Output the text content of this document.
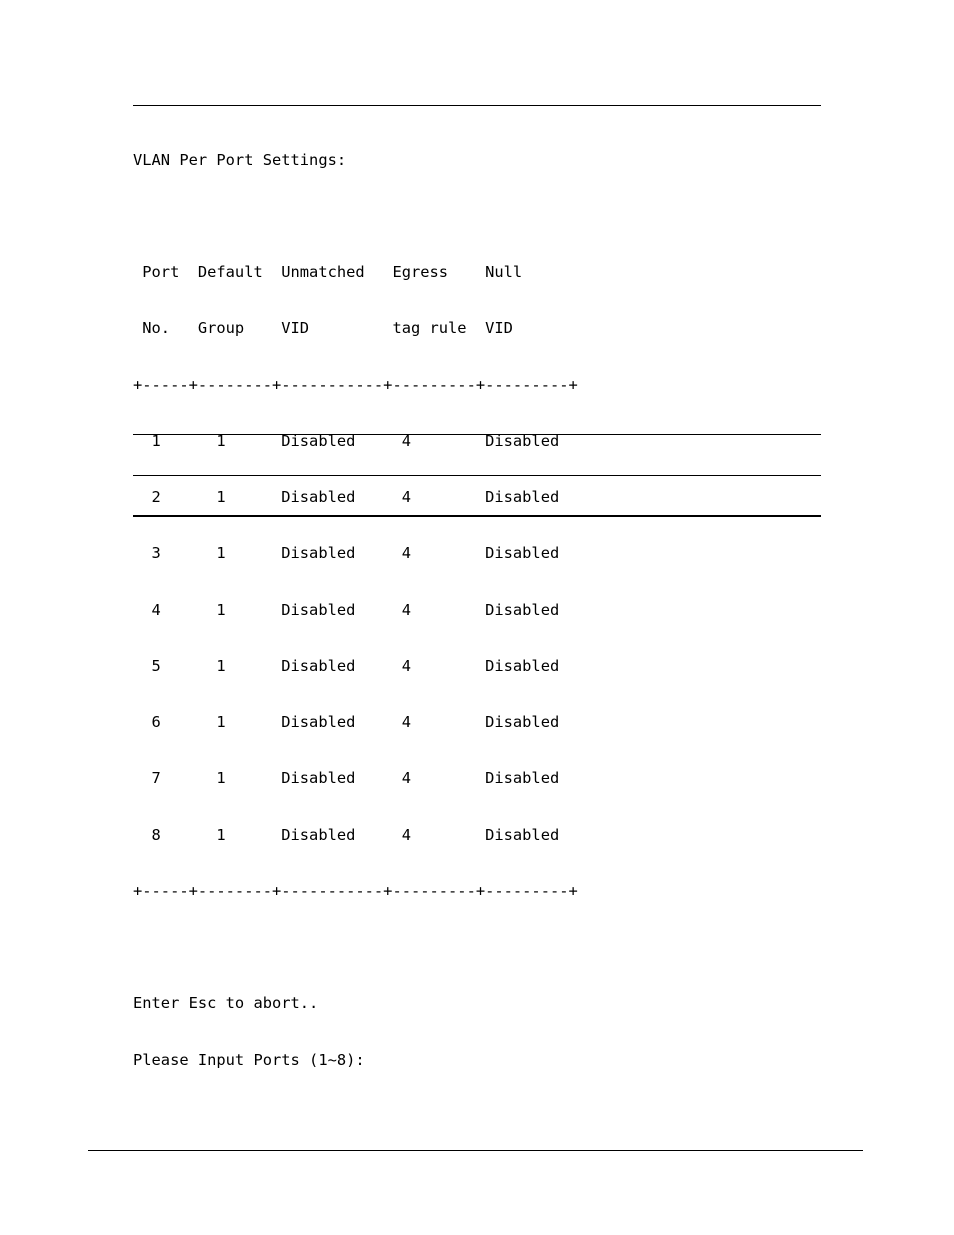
VLAN Per Port Settings:

Port  Default  Unmatched   Egress    Null

No.   Group    VID         tag rule  VID

+-----+--------+-----------+---------+---------+

1      1      Disabled     4        Disabled

2      1      Disabled     4        Disabled

3      1      Disabled     4        Disabled

4      1      Disabled     4        Disabled

5      1      Disabled     4        Disabled

6      1      Disabled     4        Disabled

7      1      Disabled     4        Disabled

8      1      Disabled     4        Disabled

+-----+--------+-----------+---------+---------+

Enter Esc to abort..

Please Input Ports (1~8):
